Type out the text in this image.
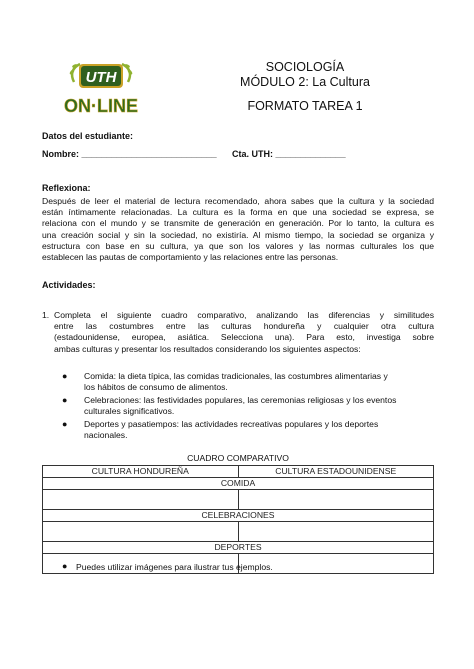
UTH
ON·LINE
SOCIOLOGÍA
MÓDULO 2: La Cultura
FORMATO TAREA 1
Datos del estudiante:
Nombre: ___________________________ Cta. UTH: ______________
Reflexiona:
Después de leer el material de lectura recomendado, ahora sabes que la cultura y la sociedad
están íntimamente relacionadas. La cultura es la forma en que una sociedad se expresa, se
relaciona con el mundo y se transmite de generación en generación. Por lo tanto, la cultura es
una creación social y sin la sociedad, no existiría. Al mismo tiempo, la sociedad se organiza y
estructura con base en su cultura, ya que son los valores y las normas culturales los que
establecen las pautas de comportamiento y las relaciones entre las personas.
Actividades:
1. Completa el siguiente cuadro comparativo, analizando las diferencias y similitudes
entre las costumbres entre las culturas hondureña y cualquier otra cultura
(estadounidense, europea, asiática. Selecciona una). Para esto, investiga sobre
ambas culturas y presentar los resultados considerando los siguientes aspectos:
● Comida: la dieta típica, las comidas tradicionales, las costumbres alimentarias y
los hábitos de consumo de alimentos.
● Celebraciones: las festividades populares, las ceremonias religiosas y los eventos
culturales significativos.
● Deportes y pasatiempos: las actividades recreativas populares y los deportes
nacionales.
CUADRO COMPARATIVO
CULTURA HONDUREÑA	CULTURA ESTADOUNIDENSE
COMIDA	

CELEBRACIONES	

DEPORTES	

● Puedes utilizar imágenes para ilustrar tus ejemplos.
